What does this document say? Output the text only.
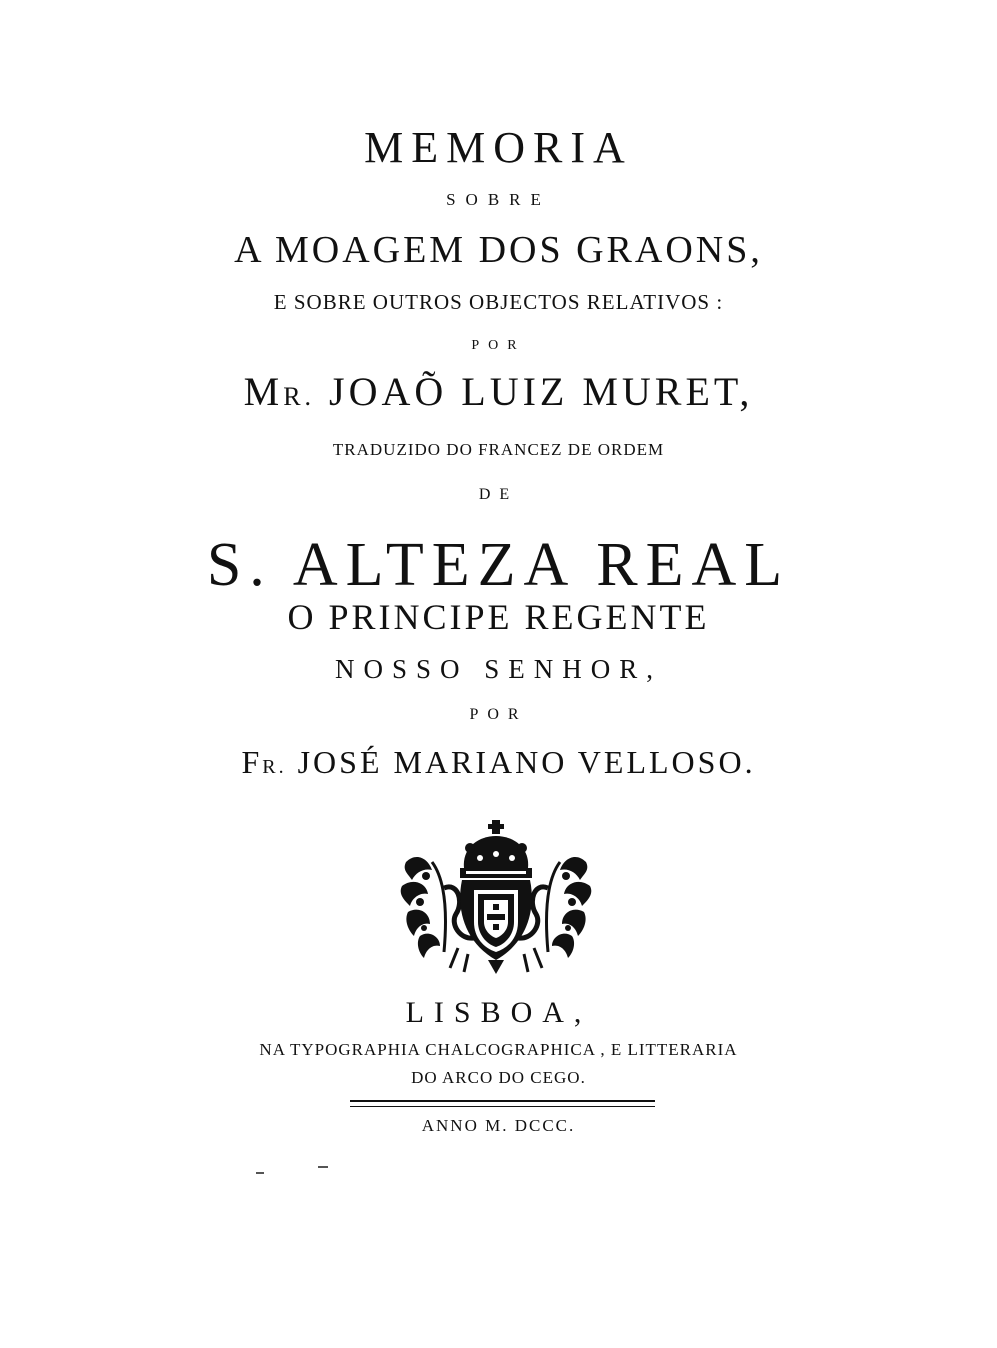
MEMORIA
SOBRE
A MOAGEM DOS GRAONS,
E SOBRE OUTROS OBJECTOS RELATIVOS :
POR
MR. JOAÕ LUIZ MURET,
TRADUZIDO DO FRANCEZ DE ORDEM
DE
S. ALTEZA REAL
O PRINCIPE REGENTE
NOSSO SENHOR,
POR
FR. JOSÉ MARIANO VELLOSO.
LISBOA,
NA TYPOGRAPHIA CHALCOGRAPHICA , E LITTERARIA
DO ARCO DO CEGO.
ANNO M. DCCC.
